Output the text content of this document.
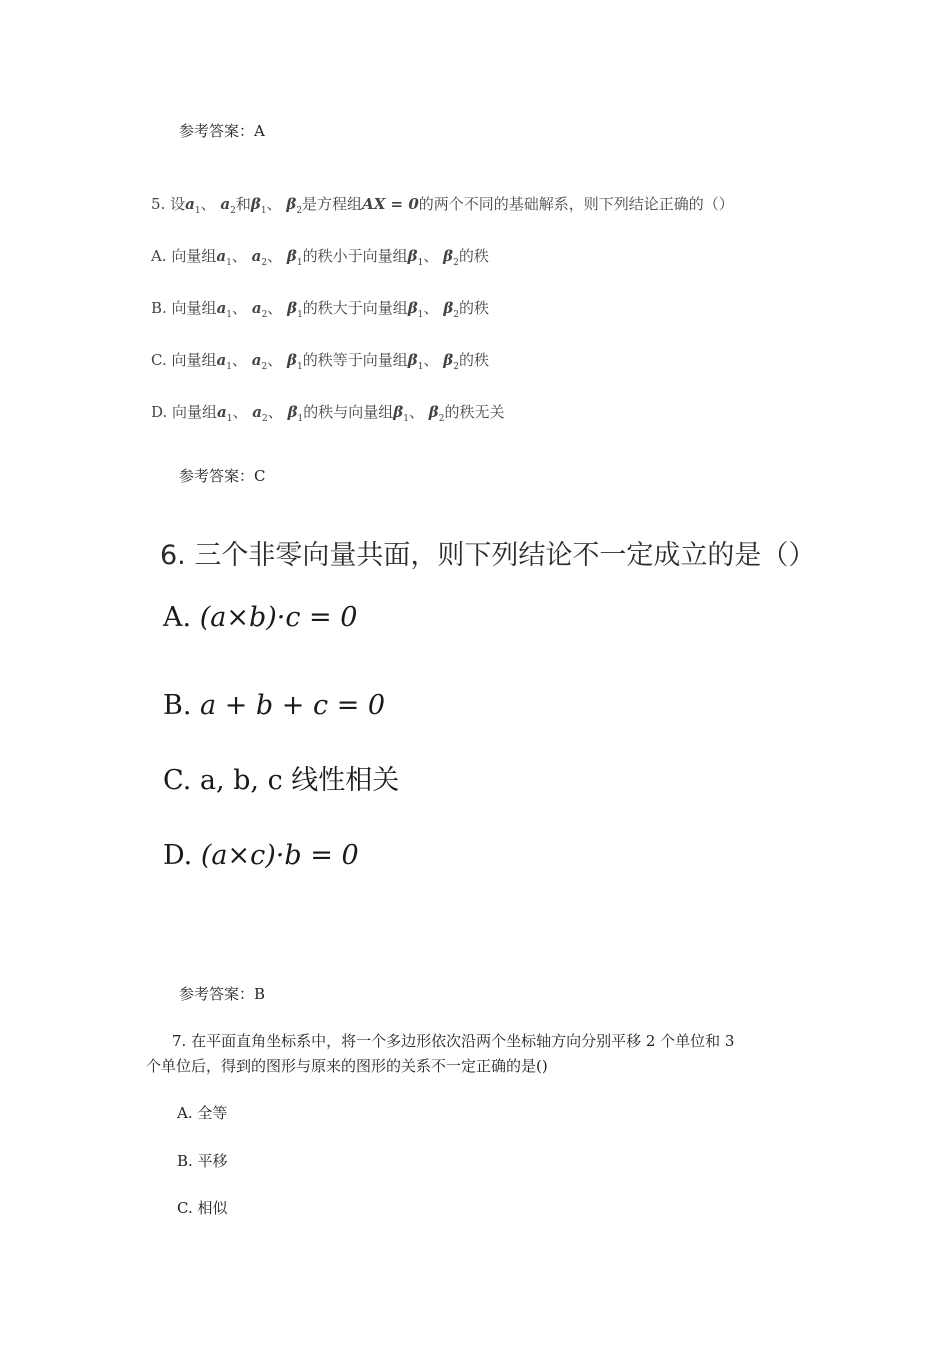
参考答案：A
5. 设$a_1$、 $a_2$和$\beta_1$、 $\beta_2$是方程组AX = 0的两个不同的基础解系，则下列结论正确的（）
A. 向量组$a_1$、 $a_2$、 $\beta_1$的秩小于向量组$\beta_1$、 $\beta_2$的秩
B. 向量组$a_1$、 $a_2$、 $\beta_1$的秩大于向量组$\beta_1$、 $\beta_2$的秩
C. 向量组$a_1$、 $a_2$、 $\beta_1$的秩等于向量组$\beta_1$、 $\beta_2$的秩
D. 向量组$a_1$、 $a_2$、 $\beta_1$的秩与向量组$\beta_1$、 $\beta_2$的秩无关
参考答案：C
6. 三个非零向量共面，则下列结论不一定成立的是（）
A. (a×b)·c = 0
B. a + b + c = 0
C. a, b, c 线性相关
D. (a×c)·b = 0
参考答案：B
7. 在平面直角坐标系中，将一个多边形依次沿两个坐标轴方向分别平移 2 个单位和 3
个单位后，得到的图形与原来的图形的关系不一定正确的是()
A. 全等
B. 平移
C. 相似
